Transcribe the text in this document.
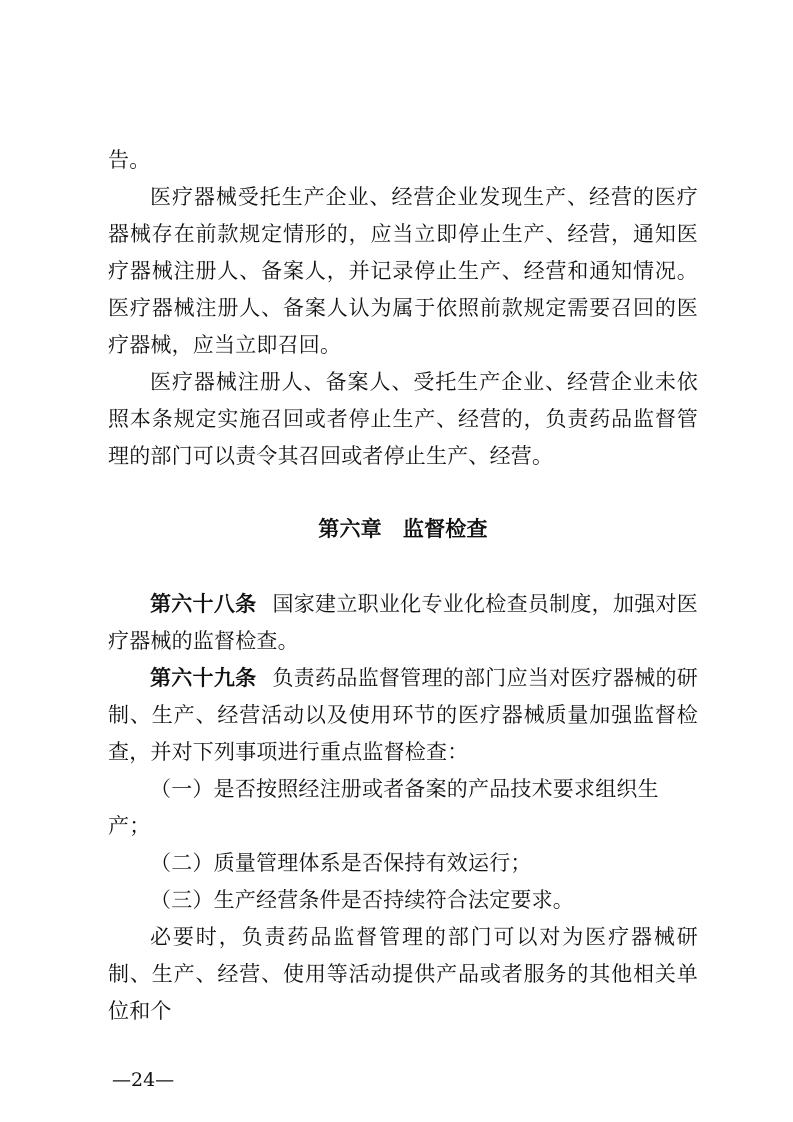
告。

医疗器械受托生产企业、经营企业发现生产、经营的医疗器械存在前款规定情形的，应当立即停止生产、经营，通知医疗器械注册人、备案人，并记录停止生产、经营和通知情况。医疗器械注册人、备案人认为属于依照前款规定需要召回的医疗器械，应当立即召回。

医疗器械注册人、备案人、受托生产企业、经营企业未依照本条规定实施召回或者停止生产、经营的，负责药品监督管理的部门可以责令其召回或者停止生产、经营。

第六章 监督检查

第六十八条 国家建立职业化专业化检查员制度，加强对医疗器械的监督检查。

第六十九条 负责药品监督管理的部门应当对医疗器械的研制、生产、经营活动以及使用环节的医疗器械质量加强监督检查，并对下列事项进行重点监督检查：

（一）是否按照经注册或者备案的产品技术要求组织生产；

（二）质量管理体系是否保持有效运行；

（三）生产经营条件是否持续符合法定要求。

必要时，负责药品监督管理的部门可以对为医疗器械研制、生产、经营、使用等活动提供产品或者服务的其他相关单位和个

—24—
